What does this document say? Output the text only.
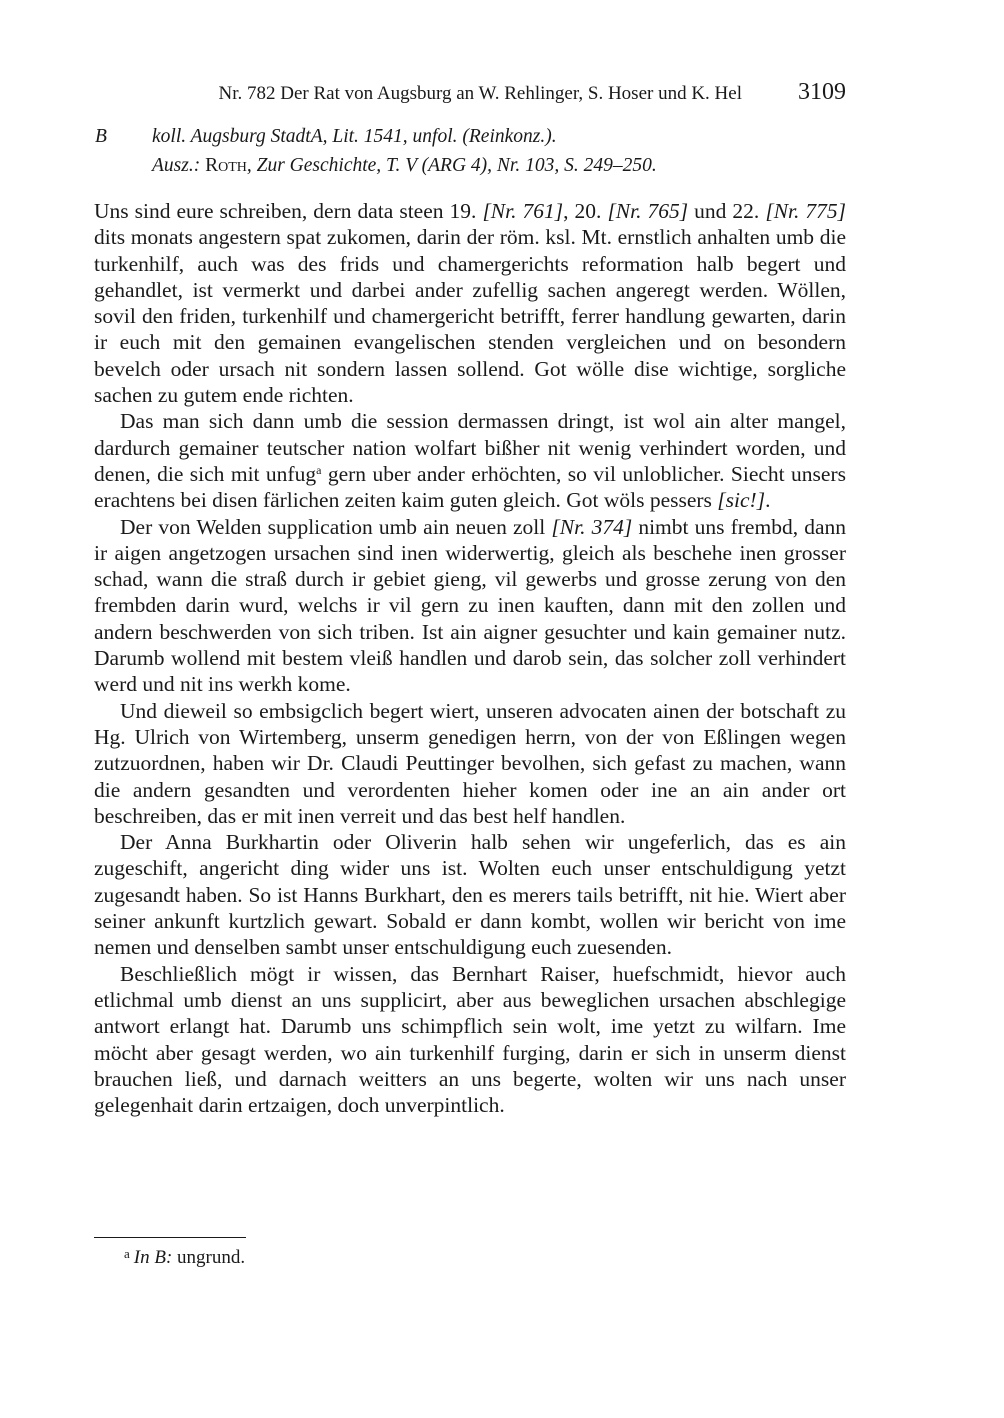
Nr. 782 Der Rat von Augsburg an W. Rehlinger, S. Hoser und K. Hel 3109
B koll. Augsburg StadtA, Lit. 1541, unfol. (Reinkonz.).
Ausz.: Roth, Zur Geschichte, T. V (ARG 4), Nr. 103, S. 249–250.

Uns sind eure schreiben, dern data steen 19. [Nr. 761], 20. [Nr. 765] und 22. [Nr. 775] dits monats angestern spat zukomen, darin der röm. ksl. Mt. ernstlich anhalten umb die turkenhilf, auch was des frids und chamergerichts reformation halb begert und gehandlet, ist vermerkt und darbei ander zufellig sachen angeregt werden. Wöllen, sovil den friden, turkenhilf und chamergericht betrifft, ferrer handlung gewarten, darin ir euch mit den gemainen evangelischen stenden vergleichen und on besondern bevelch oder ursach nit sondern lassen sollend. Got wölle dise wichtige, sorgliche sachen zu gutem ende richten.

Das man sich dann umb die session dermassen dringt, ist wol ain alter mangel, dardurch gemainer teutscher nation wolfart bißher nit wenig verhindert worden, und denen, die sich mit unfug$^a$ gern uber ander erhöchten, so vil unloblicher. Siecht unsers erachtens bei disen färlichen zeiten kaim guten gleich. Got wöls pessers [sic!].

Der von Welden supplication umb ain neuen zoll [Nr. 374] nimbt uns frembd, dann ir aigen angetzogen ursachen sind inen widerwertig, gleich als beschehe inen grosser schad, wann die straß durch ir gebiet gieng, vil gewerbs und grosse zerung von den frembden darin wurd, welchs ir vil gern zu inen kauften, dann mit den zollen und andern beschwerden von sich triben. Ist ain aigner gesuchter und kain gemainer nutz. Darumb wollend mit bestem vleiß handlen und darob sein, das solcher zoll verhindert werd und nit ins werkh kome.

Und dieweil so embsigclich begert wiert, unseren advocaten ainen der botschaft zu Hg. Ulrich von Wirtemberg, unserm genedigen herrn, von der von Eßlingen wegen zutzuordnen, haben wir Dr. Claudi Peuttinger bevolhen, sich gefast zu machen, wann die andern gesandten und verordenten hieher komen oder ine an ain ander ort beschreiben, das er mit inen verreit und das best helf handlen.

Der Anna Burkhartin oder Oliverin halb sehen wir ungeferlich, das es ain zugeschift, angericht ding wider uns ist. Wolten euch unser entschuldigung yetzt zugesandt haben. So ist Hanns Burkhart, den es merers tails betrifft, nit hie. Wiert aber seiner ankunft kurtzlich gewart. Sobald er dann kombt, wollen wir bericht von ime nemen und denselben sambt unser entschuldigung euch zuesenden.

Beschließlich mögt ir wissen, das Bernhart Raiser, huefschmidt, hievor auch etlichmal umb dienst an uns supplicirt, aber aus beweglichen ursachen abschlegige antwort erlangt hat. Darumb uns schimpflich sein wolt, ime yetzt zu wilfarn. Ime möcht aber gesagt werden, wo ain turkenhilf furging, darin er sich in unserm dienst brauchen ließ, und darnach weitters an uns begerte, wolten wir uns nach unser gelegenhait darin ertzaigen, doch unverpintlich.

$^a$ In B: ungrund.
